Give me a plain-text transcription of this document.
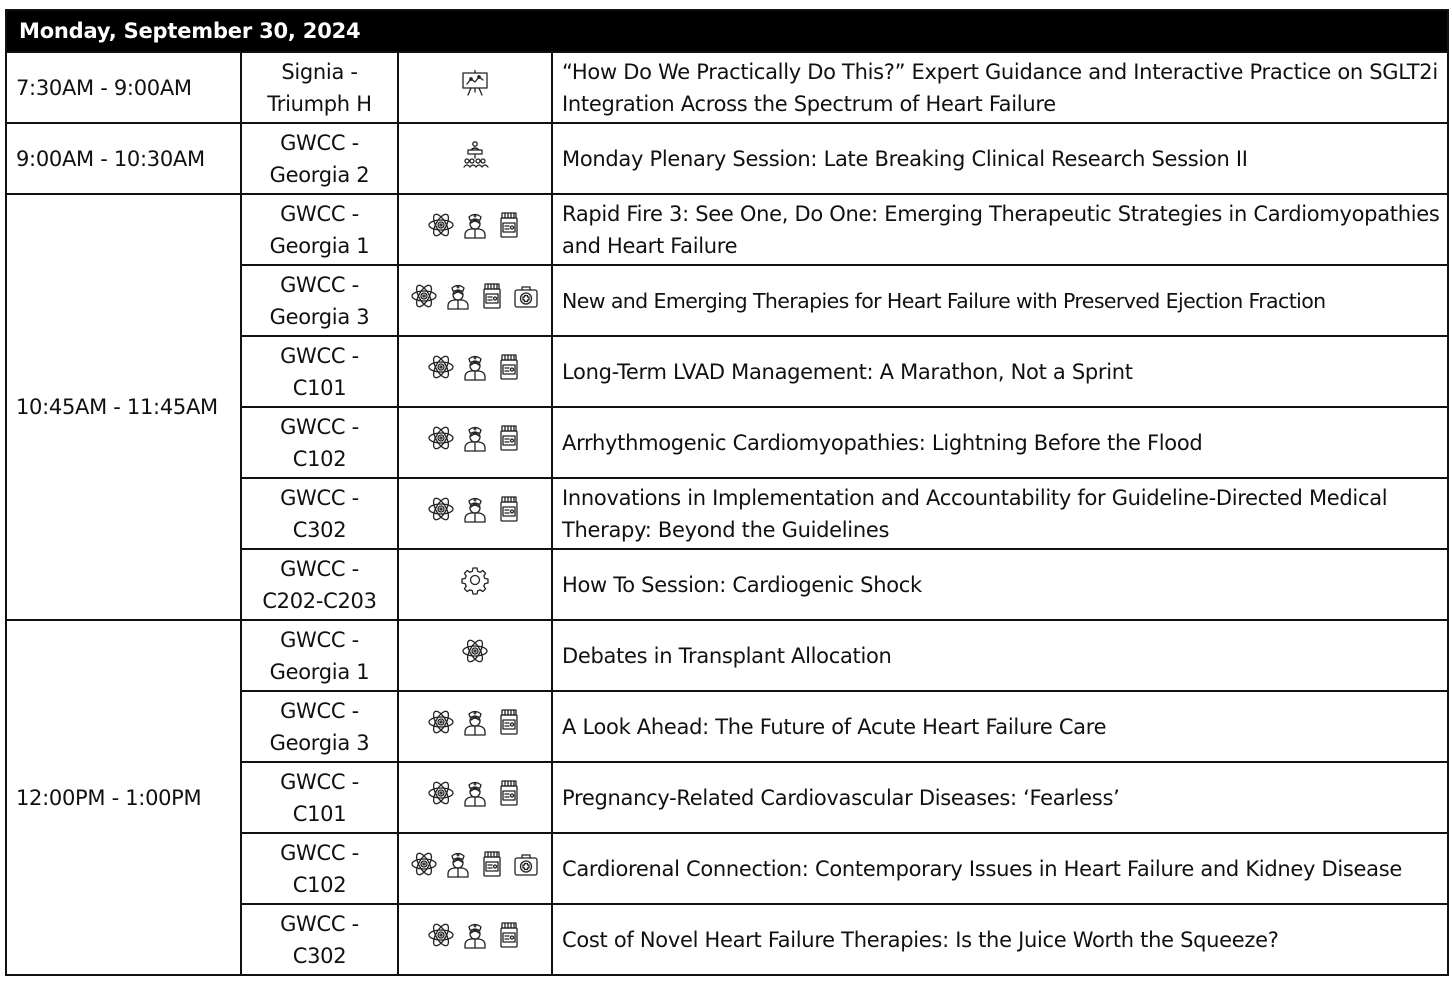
Monday, September 30, 2024			
7:30AM - 9:00AM	Signia -
Triumph H		“How Do We Practically Do This?” Expert Guidance and Interactive Practice on SGLT2i Integration Across the Spectrum of Heart Failure
9:00AM - 10:30AM	GWCC -
Georgia 2		Monday Plenary Session: Late Breaking Clinical Research Session II
10:45AM - 11:45AM	GWCC -
Georgia 1		Rapid Fire 3: See One, Do One: Emerging Therapeutic Strategies in Cardiomyopathies and Heart Failure

	GWCC -
Georgia 3		New and Emerging Therapies for Heart Failure with Preserved Ejection Fraction

	GWCC -
C101		Long-Term LVAD Management: A Marathon, Not a Sprint

	GWCC -
C102		Arrhythmogenic Cardiomyopathies: Lightning Before the Flood

	GWCC -
C302		Innovations in Implementation and Accountability for Guideline-Directed Medical Therapy: Beyond the Guidelines

	GWCC -
C202-C203		How To Session: Cardiogenic Shock
12:00PM - 1:00PM	GWCC -
Georgia 1		Debates in Transplant Allocation

	GWCC -
Georgia 3		A Look Ahead: The Future of Acute Heart Failure Care

	GWCC -
C101		Pregnancy-Related Cardiovascular Diseases: ‘Fearless’

	GWCC -
C102		Cardiorenal Connection: Contemporary Issues in Heart Failure and Kidney Disease

	GWCC -
C302		Cost of Novel Heart Failure Therapies: Is the Juice Worth the Squeeze?
